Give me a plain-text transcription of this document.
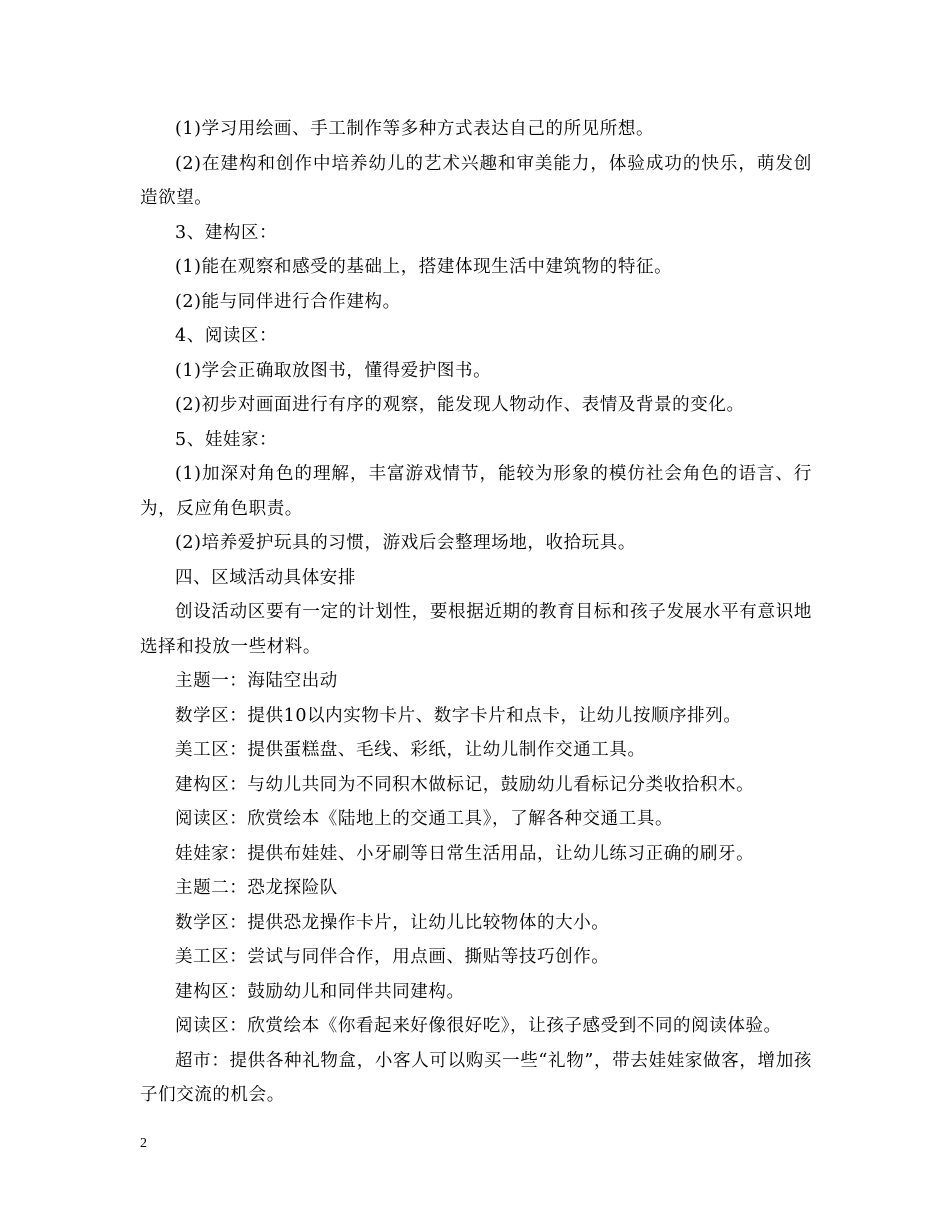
(1)学习用绘画、手工制作等多种方式表达自己的所见所想。

(2)在建构和创作中培养幼儿的艺术兴趣和审美能力，体验成功的快乐，萌发创造欲望。

3、建构区：

(1)能在观察和感受的基础上，搭建体现生活中建筑物的特征。

(2)能与同伴进行合作建构。

4、阅读区：

(1)学会正确取放图书，懂得爱护图书。

(2)初步对画面进行有序的观察，能发现人物动作、表情及背景的变化。

5、娃娃家：

(1)加深对角色的理解，丰富游戏情节，能较为形象的模仿社会角色的语言、行为，反应角色职责。

(2)培养爱护玩具的习惯，游戏后会整理场地，收拾玩具。

四、区域活动具体安排

创设活动区要有一定的计划性，要根据近期的教育目标和孩子发展水平有意识地选择和投放一些材料。

主题一：海陆空出动

数学区：提供10以内实物卡片、数字卡片和点卡，让幼儿按顺序排列。

美工区：提供蛋糕盘、毛线、彩纸，让幼儿制作交通工具。

建构区：与幼儿共同为不同积木做标记，鼓励幼儿看标记分类收拾积木。

阅读区：欣赏绘本《陆地上的交通工具》，了解各种交通工具。

娃娃家：提供布娃娃、小牙刷等日常生活用品，让幼儿练习正确的刷牙。

主题二：恐龙探险队

数学区：提供恐龙操作卡片，让幼儿比较物体的大小。

美工区：尝试与同伴合作，用点画、撕贴等技巧创作。

建构区：鼓励幼儿和同伴共同建构。

阅读区：欣赏绘本《你看起来好像很好吃》，让孩子感受到不同的阅读体验。

超市：提供各种礼物盒，小客人可以购买一些“礼物”，带去娃娃家做客，增加孩子们交流的机会。

2
